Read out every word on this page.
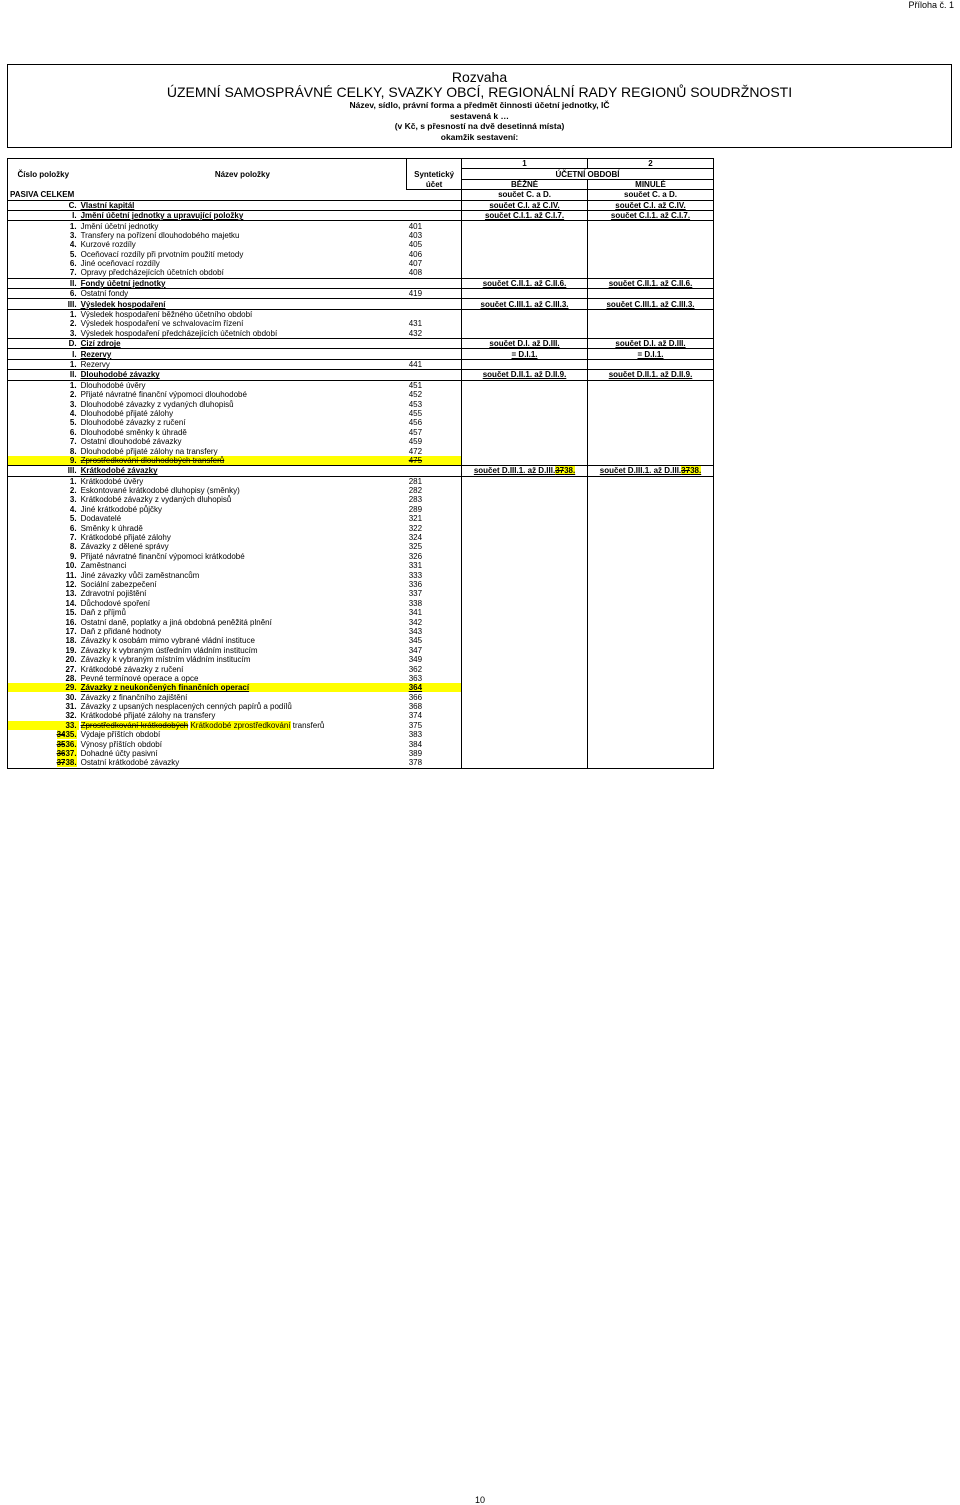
Příloha č. 1
Rozvaha
ÚZEMNÍ SAMOSPRÁVNÉ CELKY, SVAZKY OBCÍ, REGIONÁLNÍ RADY REGIONŮ SOUDRŽNOSTI
Název, sídlo, právní forma a předmět činnosti účetní jednotky, IČ
sestavená k …
(v Kč, s přesností na dvě desetinná místa)
okamžik sestavení:
Číslo položky	Název položky		1	2
		Syntetický	ÚČETNÍ OBDOBÍ	
		účet	BĚŽNÉ	MINULÉ
PASIVA CELKEM			součet C. a D.	součet C. a D.
C.	Vlastní kapitál		součet C.I. až C.IV.	součet C.I. až C.IV.
I.	Jmění účetní jednotky a upravující položky		součet C.I.1. až C.I.7.	součet C.I.1. až C.I.7.
1.	Jmění účetní jednotky	401		
3.	Transfery na pořízení dlouhodobého majetku	403		
4.	Kurzové rozdíly	405		
5.	Oceňovací rozdíly při prvotním použití metody	406		
6.	Jiné oceňovací rozdíly	407		
7.	Opravy předcházejících účetních období	408		
II.	Fondy účetní jednotky		součet C.II.1. až C.II.6.	součet C.II.1. až C.II.6.
6.	Ostatní fondy	419		
III.	Výsledek hospodaření		součet C.III.1. až C.III.3.	součet C.III.1. až C.III.3.
1.	Výsledek hospodaření běžného účetního období			
2.	Výsledek hospodaření ve schvalovacím řízení	431		
3.	Výsledek hospodaření předcházejících účetních období	432		
D.	Cizí zdroje		součet D.I. až D.III.	součet D.I. až D.III.
I.	Rezervy		= D.I.1.	= D.I.1.
1.	Rezervy	441		
II.	Dlouhodobé závazky		součet D.II.1. až D.II.9.	součet D.II.1. až D.II.9.
1.	Dlouhodobé úvěry	451		
2.	Přijaté návratné finanční výpomoci dlouhodobé	452		
3.	Dlouhodobé závazky z vydaných dluhopisů	453		
4.	Dlouhodobé přijaté zálohy	455		
5.	Dlouhodobé závazky z ručení	456		
6.	Dlouhodobé směnky k úhradě	457		
7.	Ostatní dlouhodobé závazky	459		
8.	Dlouhodobé přijaté zálohy na transfery	472		
9.	Zprostředkování dlouhodobých transferů	475		
III.	Krátkodobé závazky		součet D.III.1. až D.III.3738.	součet D.III.1. až D.III.3738.
1.	Krátkodobé úvěry	281		
2.	Eskontované krátkodobé dluhopisy (směnky)	282		
3.	Krátkodobé závazky z vydaných dluhopisů	283		
4.	Jiné krátkodobé půjčky	289		
5.	Dodavatelé	321		
6.	Směnky k úhradě	322		
7.	Krátkodobé přijaté zálohy	324		
8.	Závazky z dělené správy	325		
9.	Přijaté návratné finanční výpomoci krátkodobé	326		
10.	Zaměstnanci	331		
11.	Jiné závazky vůči zaměstnancům	333		
12.	Sociální zabezpečení	336		
13.	Zdravotní pojištění	337		
14.	Důchodové spoření	338		
15.	Daň z příjmů	341		
16.	Ostatní daně, poplatky a jiná obdobná peněžitá plnění	342		
17.	Daň z přidané hodnoty	343		
18.	Závazky k osobám mimo vybrané vládní instituce	345		
19.	Závazky k vybraným ústředním vládním institucím	347		
20.	Závazky k vybraným místním vládním institucím	349		
27.	Krátkodobé závazky z ručení	362		
28.	Pevné termínové operace a opce	363		
29.	Závazky z neukončených finančních operací	364		
30.	Závazky z finančního zajištění	366		
31.	Závazky z upsaných nesplacených cenných papírů a podílů	368		
32.	Krátkodobé přijaté zálohy na transfery	374		
33.	Zprostředkování krátkodobých Krátkodobé zprostředkování transferů	375		
3435.	Výdaje příštích období	383		
3536.	Výnosy příštích období	384		
3637.	Dohadné účty pasivní	389		
3738.	Ostatní krátkodobé závazky	378		
10
